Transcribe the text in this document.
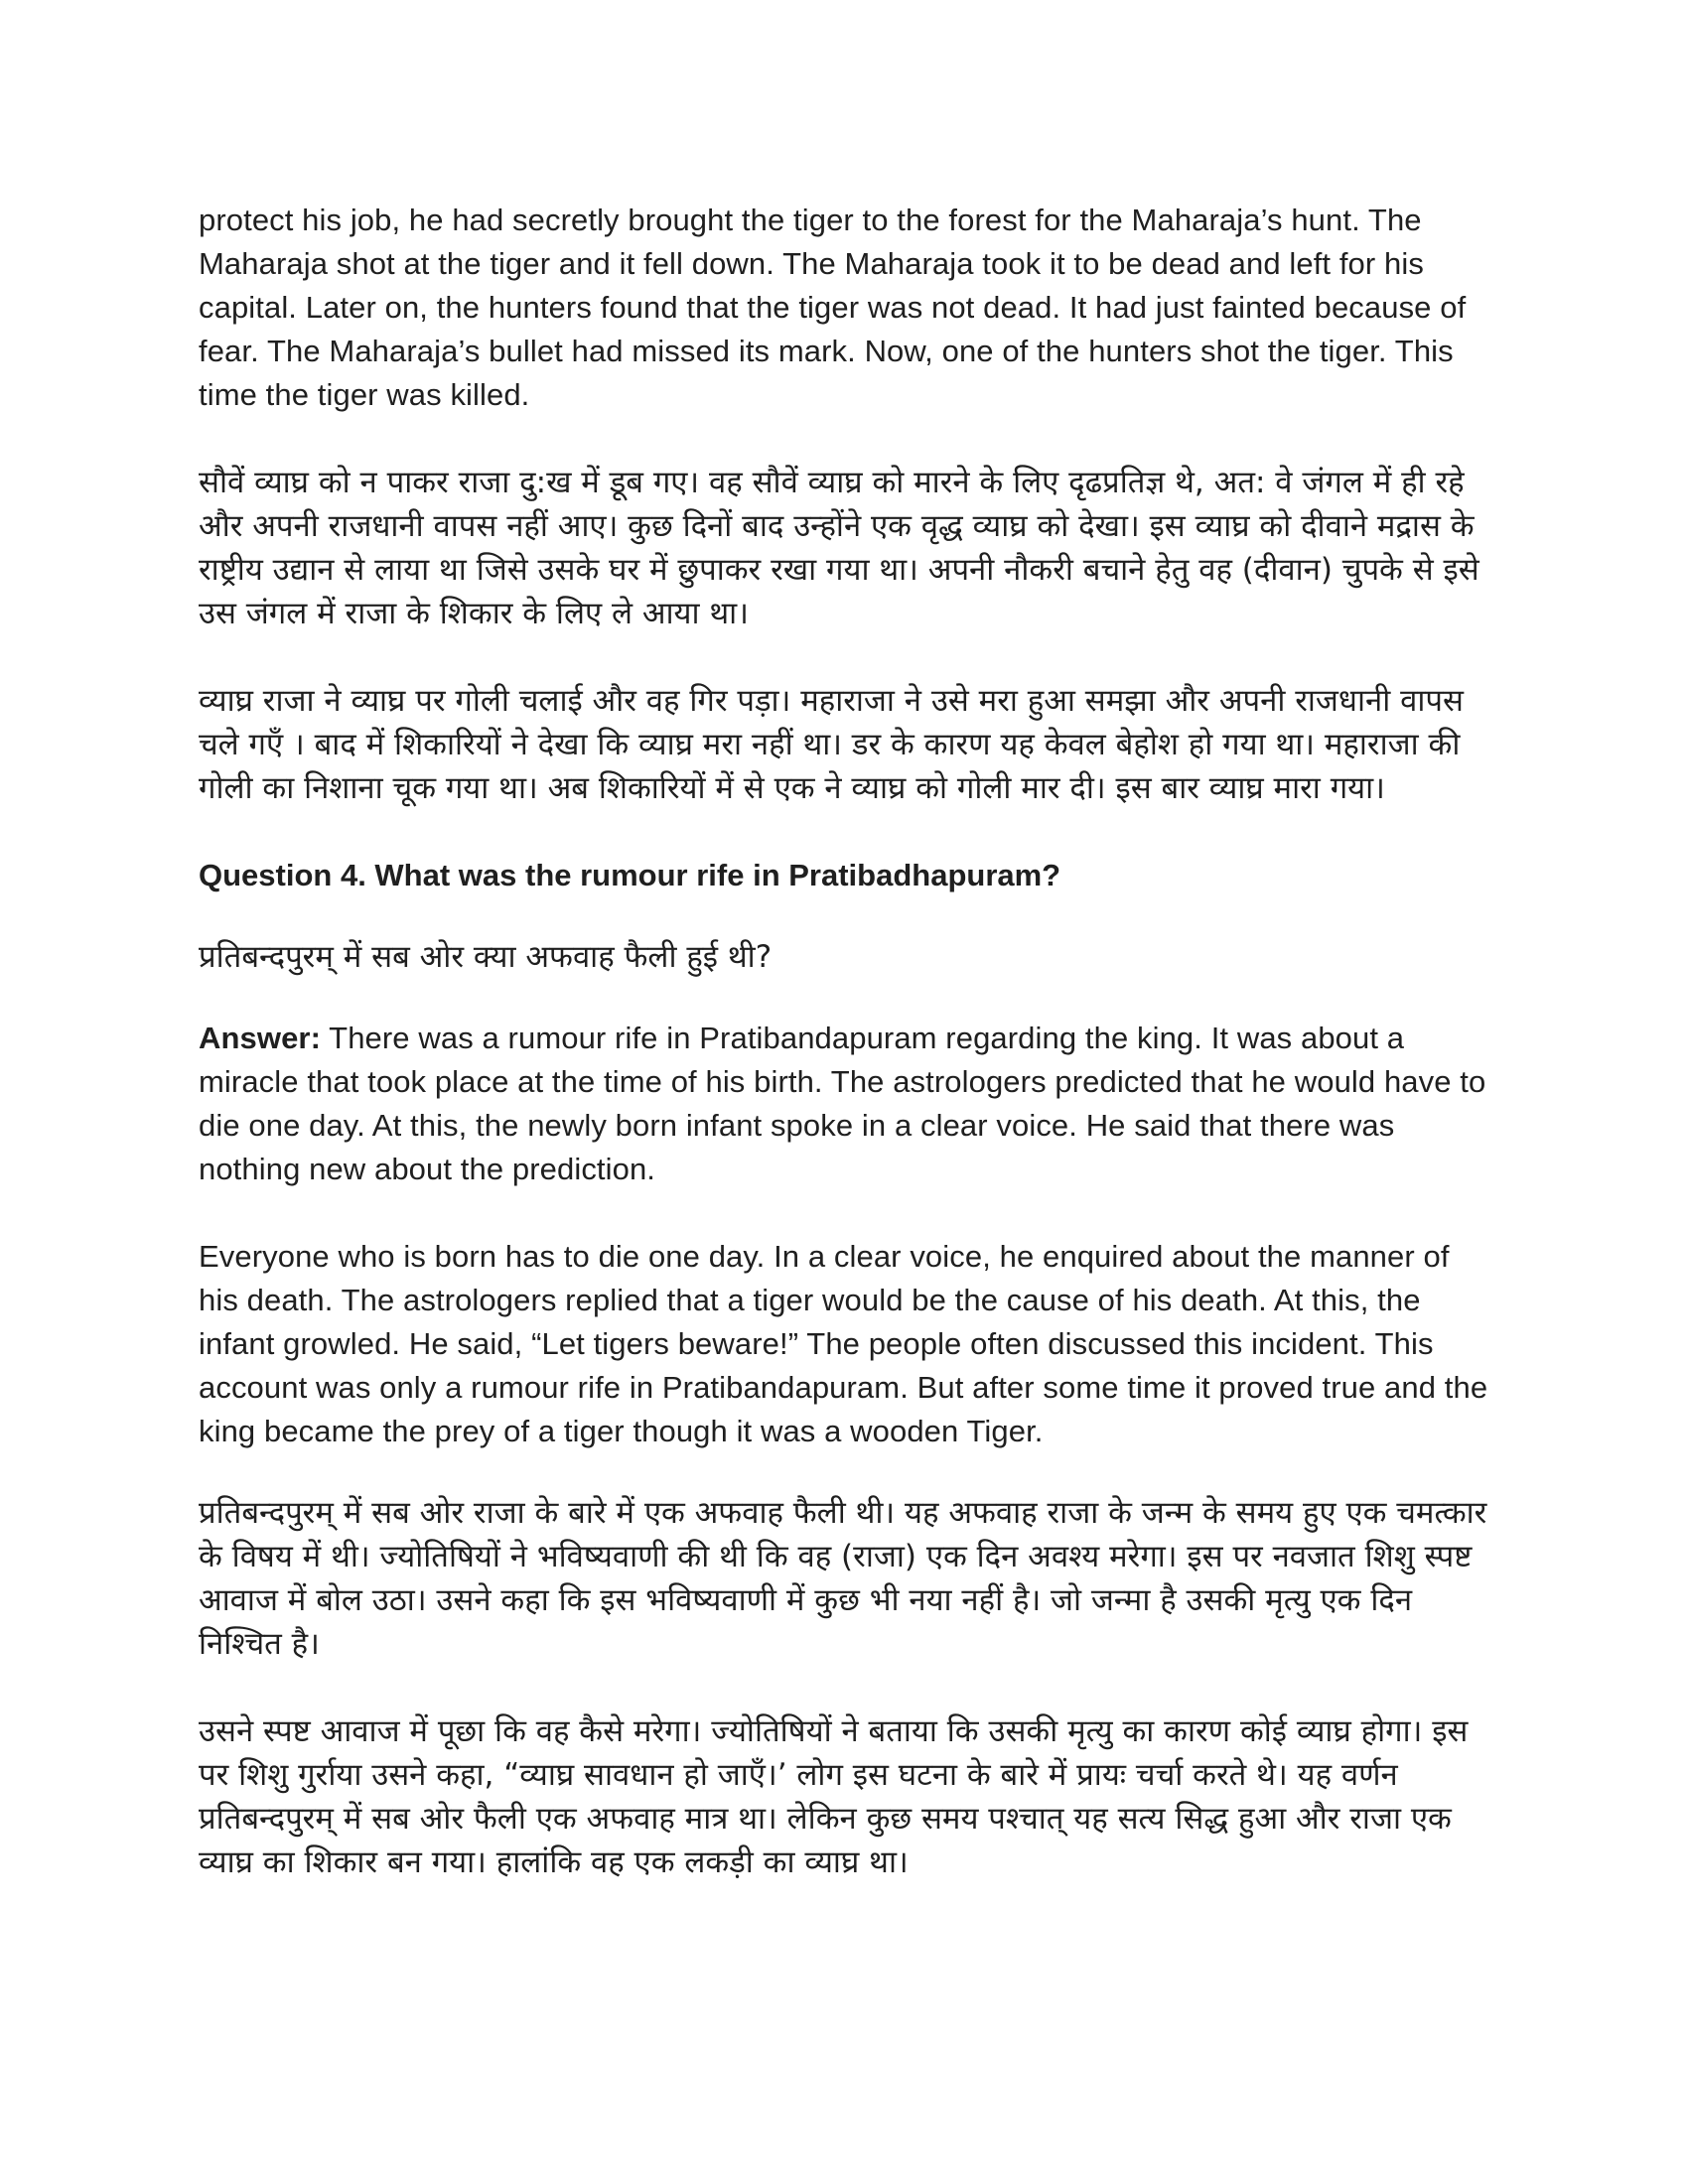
protect his job, he had secretly brought the tiger to the forest for the Maharaja’s hunt. The Maharaja shot at the tiger and it fell down. The Maharaja took it to be dead and left for his capital. Later on, the hunters found that the tiger was not dead. It had just fainted because of fear. The Maharaja’s bullet had missed its mark. Now, one of the hunters shot the tiger. This time the tiger was killed.

सौवें व्याघ्र को न पाकर राजा दु:ख में डूब गए। वह सौवें व्याघ्र को मारने के लिए दृढप्रतिज्ञ थे, अत: वे जंगल में ही रहे और अपनी राजधानी वापस नहीं आए। कुछ दिनों बाद उन्होंने एक वृद्ध व्याघ्र को देखा। इस व्याघ्र को दीवाने मद्रास के राष्ट्रीय उद्यान से लाया था जिसे उसके घर में छुपाकर रखा गया था। अपनी नौकरी बचाने हेतु वह (दीवान) चुपके से इसे उस जंगल में राजा के शिकार के लिए ले आया था।

व्याघ्र राजा ने व्याघ्र पर गोली चलाई और वह गिर पड़ा। महाराजा ने उसे मरा हुआ समझा और अपनी राजधानी वापस चले गएँ । बाद में शिकारियों ने देखा कि व्याघ्र मरा नहीं था। डर के कारण यह केवल बेहोश हो गया था। महाराजा की गोली का निशाना चूक गया था। अब शिकारियों में से एक ने व्याघ्र को गोली मार दी। इस बार व्याघ्र मारा गया।

Question 4. What was the rumour rife in Pratibadhapuram?

प्रतिबन्दपुरम् में सब ओर क्या अफवाह फैली हुई थी?

Answer: There was a rumour rife in Pratibandapuram regarding the king. It was about a miracle that took place at the time of his birth. The astrologers predicted that he would have to die one day. At this, the newly born infant spoke in a clear voice. He said that there was nothing new about the prediction.

Everyone who is born has to die one day. In a clear voice, he enquired about the manner of his death. The astrologers replied that a tiger would be the cause of his death. At this, the infant growled. He said, “Let tigers beware!” The people often discussed this incident. This account was only a rumour rife in Pratibandapuram. But after some time it proved true and the king became the prey of a tiger though it was a wooden Tiger.

प्रतिबन्दपुरम् में सब ओर राजा के बारे में एक अफवाह फैली थी। यह अफवाह राजा के जन्म के समय हुए एक चमत्कार के विषय में थी। ज्योतिषियों ने भविष्यवाणी की थी कि वह (राजा) एक दिन अवश्य मरेगा। इस पर नवजात शिशु स्पष्ट आवाज में बोल उठा। उसने कहा कि इस भविष्यवाणी में कुछ भी नया नहीं है। जो जन्मा है उसकी मृत्यु एक दिन निश्चित है।

उसने स्पष्ट आवाज में पूछा कि वह कैसे मरेगा। ज्योतिषियों ने बताया कि उसकी मृत्यु का कारण कोई व्याघ्र होगा। इस पर शिशु गुर्राया उसने कहा, “व्याघ्र सावधान हो जाएँ।’ लोग इस घटना के बारे में प्रायः चर्चा करते थे। यह वर्णन प्रतिबन्दपुरम् में सब ओर फैली एक अफवाह मात्र था। लेकिन कुछ समय पश्चात् यह सत्य सिद्ध हुआ और राजा एक व्याघ्र का शिकार बन गया। हालांकि वह एक लकड़ी का व्याघ्र था।
